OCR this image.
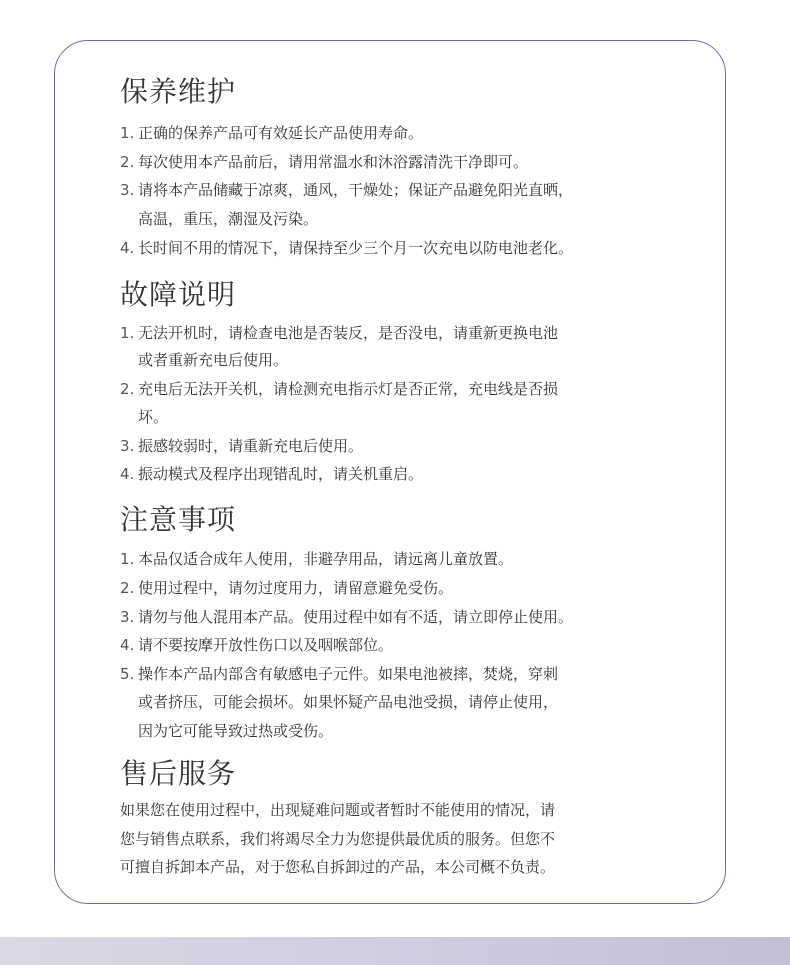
保养维护
1. 正确的保养产品可有效延长产品使用寿命。
2. 每次使用本产品前后，请用常温水和沐浴露清洗干净即可。
3. 请将本产品储藏于凉爽，通风，干燥处；保证产品避免阳光直晒，
高温，重压，潮湿及污染。
4. 长时间不用的情况下，请保持至少三个月一次充电以防电池老化。
故障说明
1. 无法开机时，请检查电池是否装反，是否没电，请重新更换电池
或者重新充电后使用。
2. 充电后无法开关机，请检测充电指示灯是否正常，充电线是否损
坏。
3. 振感较弱时，请重新充电后使用。
4. 振动模式及程序出现错乱时，请关机重启。
注意事项
1. 本品仅适合成年人使用，非避孕用品，请远离儿童放置。
2. 使用过程中，请勿过度用力，请留意避免受伤。
3. 请勿与他人混用本产品。使用过程中如有不适，请立即停止使用。
4. 请不要按摩开放性伤口以及咽喉部位。
5. 操作本产品内部含有敏感电子元件。如果电池被摔，焚烧，穿刺
或者挤压，可能会损坏。如果怀疑产品电池受损，请停止使用，
因为它可能导致过热或受伤。
售后服务
如果您在使用过程中，出现疑难问题或者暂时不能使用的情况，请
您与销售点联系，我们将竭尽全力为您提供最优质的服务。但您不
可擅自拆卸本产品，对于您私自拆卸过的产品，本公司概不负责。
